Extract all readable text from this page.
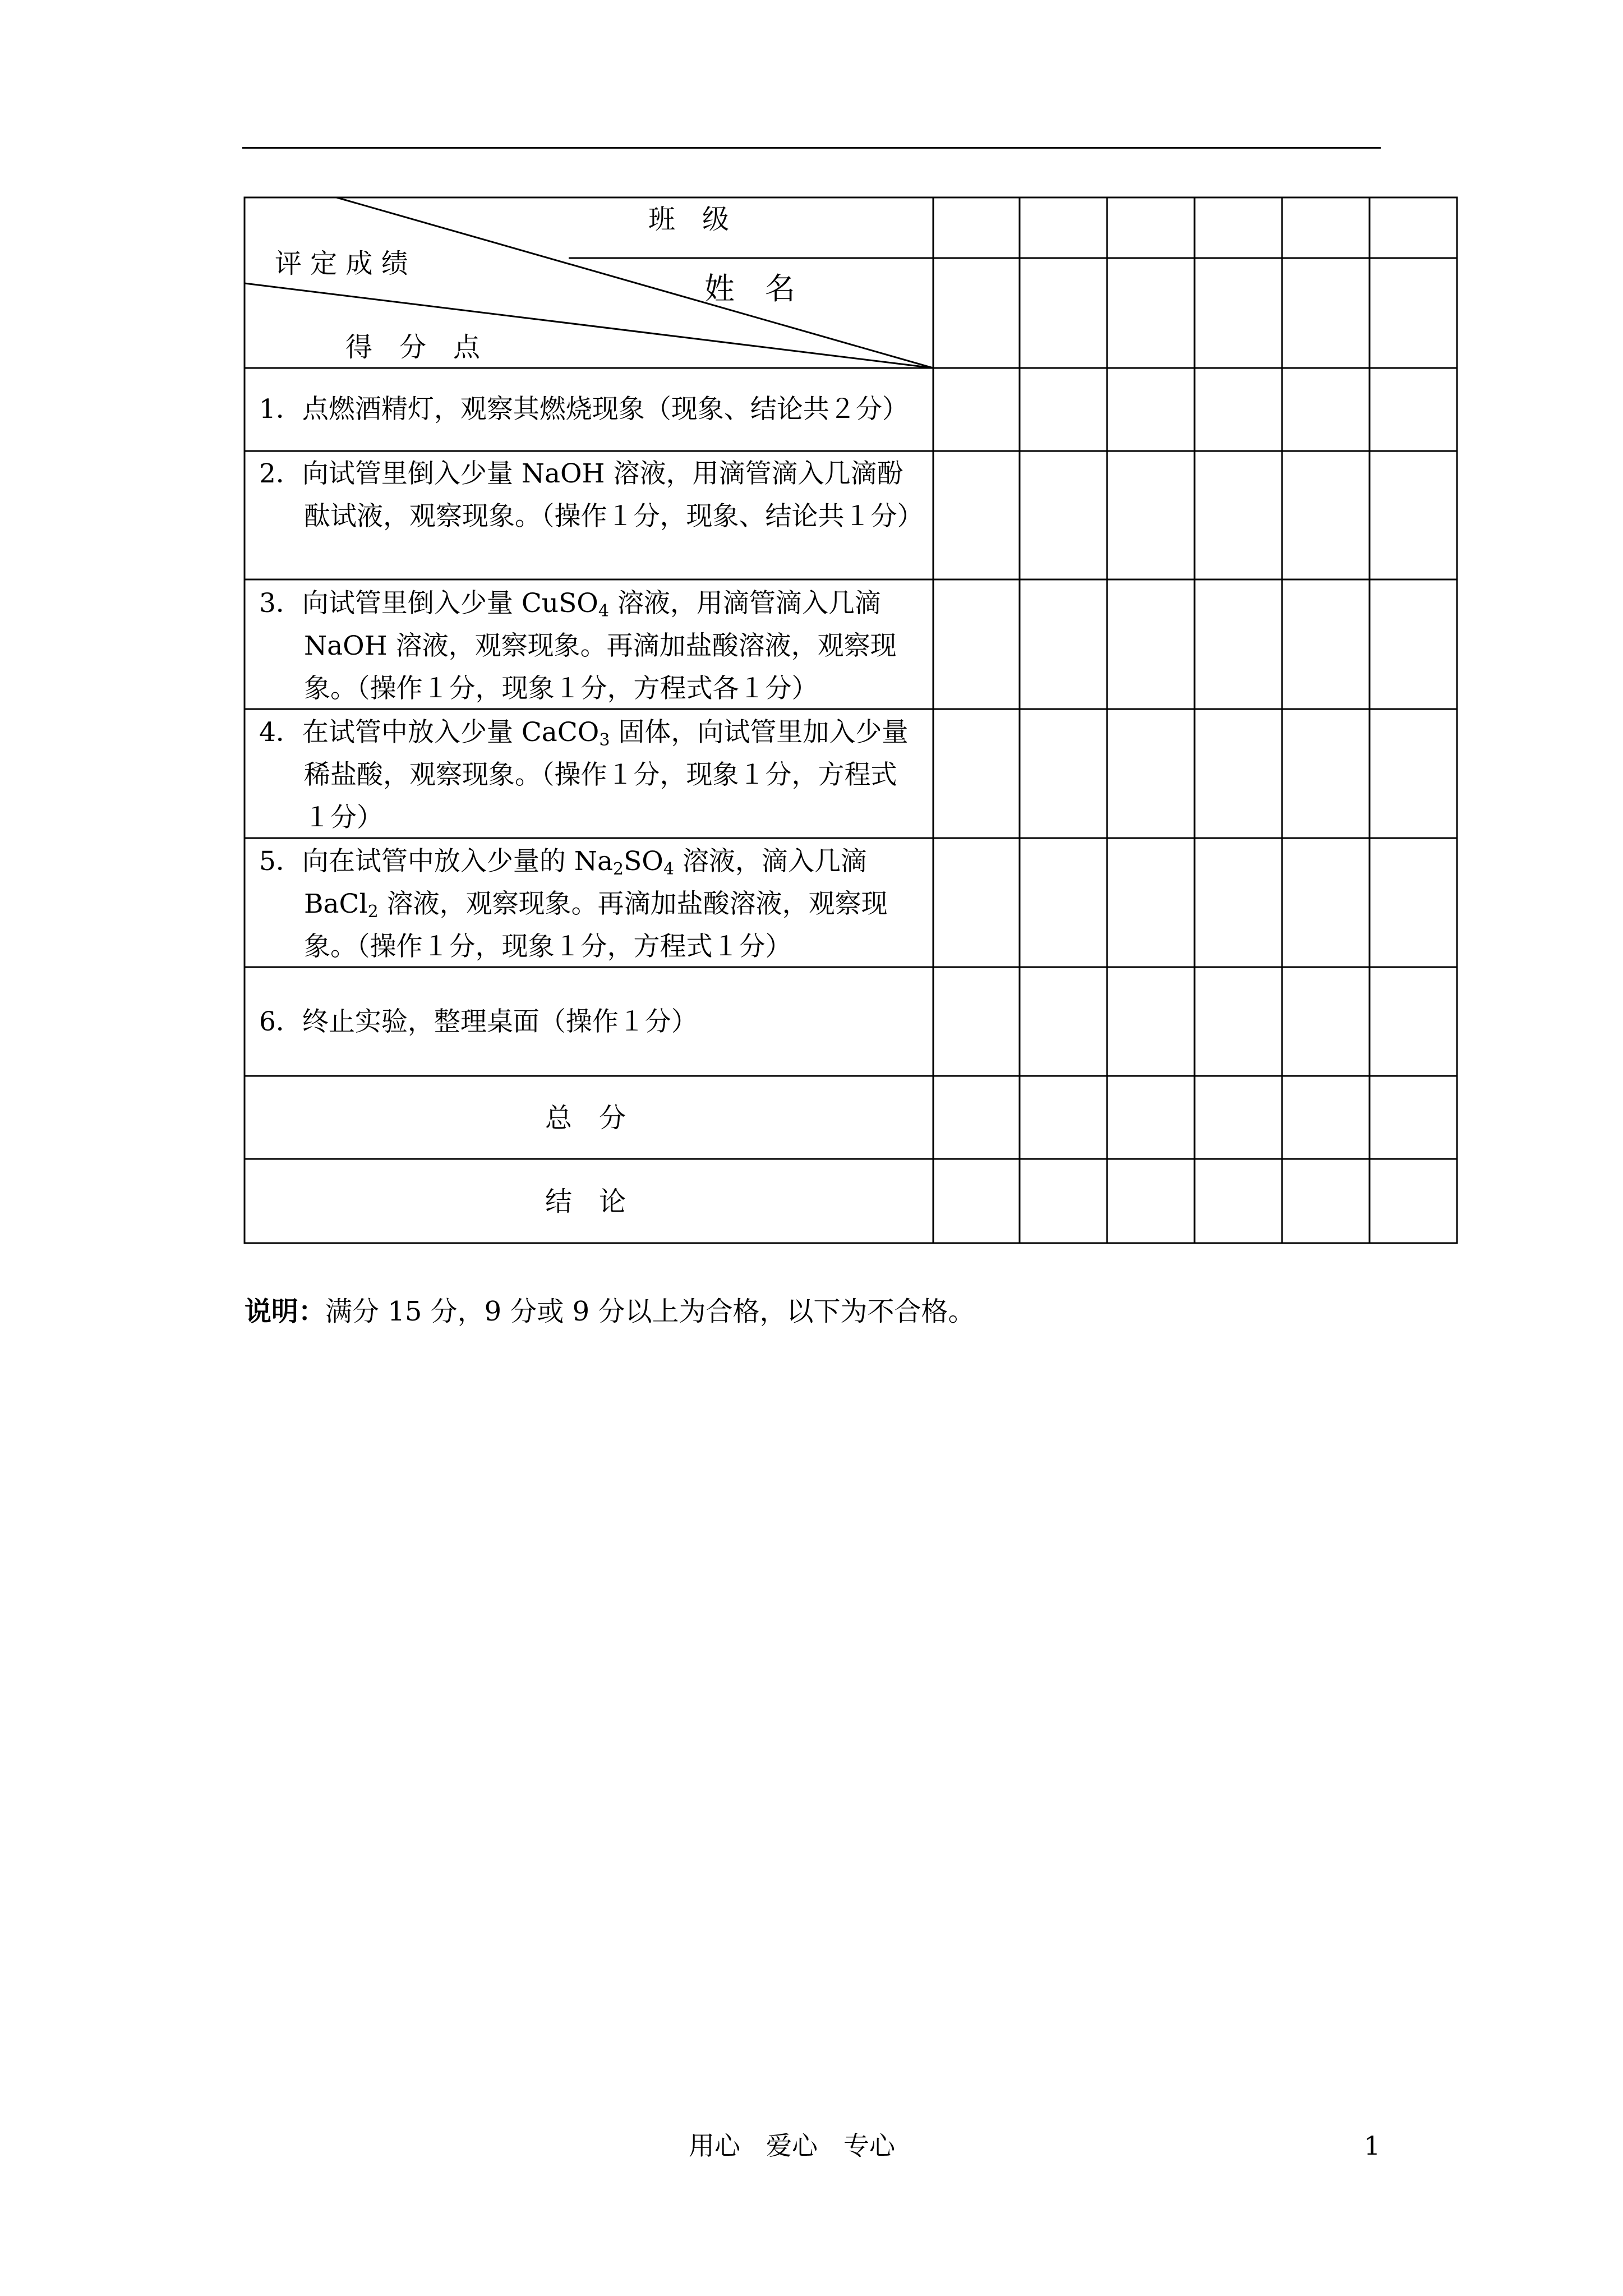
班　级
评 定 成 绩
姓　名
得　分　点
1．点燃酒精灯，观察其燃烧现象（现象、结论共２分）
2．向试管里倒入少量 NaOH 溶液，用滴管滴入几滴酚酞试液，观察现象。（操作１分，现象、结论共１分）
3．向试管里倒入少量 CuSO$_4$ 溶液，用滴管滴入几滴 NaOH 溶液，观察现象。再滴加盐酸溶液，观察现象。（操作１分，现象１分，方程式各１分）
4．在试管中放入少量 CaCO$_3$ 固体，向试管里加入少量稀盐酸，观察现象。（操作１分，现象１分，方程式１分）
5．向在试管中放入少量的 $Na_2SO_4$ 溶液，滴入几滴 BaCl$_2$ 溶液，观察现象。再滴加盐酸溶液，观察现象。（操作１分，现象１分，方程式１分）
6．终止实验，整理桌面（操作１分）
总　分
结　论
说明：满分 15 分，9 分或 9 分以上为合格，以下为不合格。
用心　爱心　专心	1
